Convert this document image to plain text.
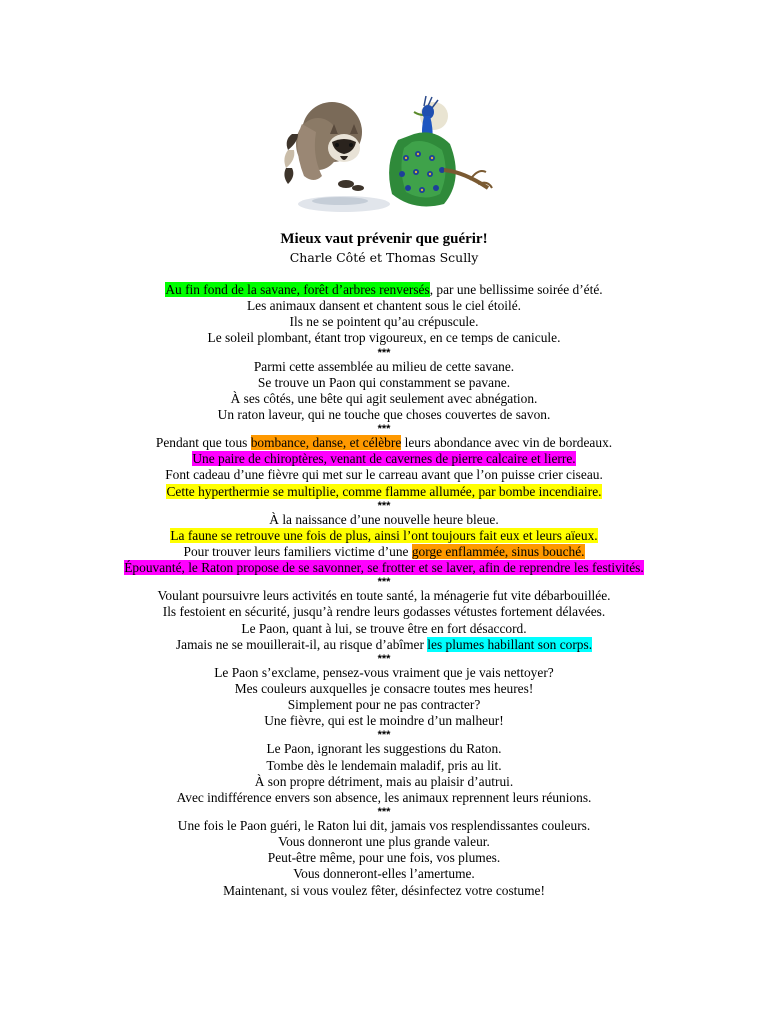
Mieux vaut prévenir que guérir!
Charle Côté et Thomas Scully
Au fin fond de la savane, forêt d’arbres renversés, par une bellissime soirée d’été.
Les animaux dansent et chantent sous le ciel étoilé.
Ils ne se pointent qu’au crépuscule.
Le soleil plombant, étant trop vigoureux, en ce temps de canicule.
***
Parmi cette assemblée au milieu de cette savane.
Se trouve un Paon qui constamment se pavane.
À ses côtés, une bête qui agit seulement avec abnégation.
Un raton laveur, qui ne touche que choses couvertes de savon.
***
Pendant que tous bombance, danse, et célèbre leurs abondance avec vin de bordeaux.
Une paire de chiroptères, venant de cavernes de pierre calcaire et lierre.
Font cadeau d’une fièvre qui met sur le carreau avant que l’on puisse crier ciseau.
Cette hyperthermie se multiplie, comme flamme allumée, par bombe incendiaire.
***
À la naissance d’une nouvelle heure bleue.
La faune se retrouve une fois de plus, ainsi l’ont toujours fait eux et leurs aïeux.
Pour trouver leurs familiers victime d’une gorge enflammée, sinus bouché.
Épouvanté, le Raton propose de se savonner, se frotter et se laver, afin de reprendre les festivités.
***
Voulant poursuivre leurs activités en toute santé, la ménagerie fut vite débarbouillée.
Ils festoient en sécurité, jusqu’à rendre leurs godasses vétustes fortement délavées.
Le Paon, quant à lui, se trouve être en fort désaccord.
Jamais ne se mouillerait-il, au risque d’abîmer les plumes habillant son corps.
***
Le Paon s’exclame, pensez-vous vraiment que je vais nettoyer?
Mes couleurs auxquelles je consacre toutes mes heures!
Simplement pour ne pas contracter?
Une fièvre, qui est le moindre d’un malheur!
***
Le Paon, ignorant les suggestions du Raton.
Tombe dès le lendemain maladif, pris au lit.
À son propre détriment, mais au plaisir d’autrui.
Avec indifférence envers son absence, les animaux reprennent leurs réunions.
***
Une fois le Paon guéri, le Raton lui dit, jamais vos resplendissantes couleurs.
Vous donneront une plus grande valeur.
Peut-être même, pour une fois, vos plumes.
Vous donneront-elles l’amertume.
Maintenant, si vous voulez fêter, désinfectez votre costume!
